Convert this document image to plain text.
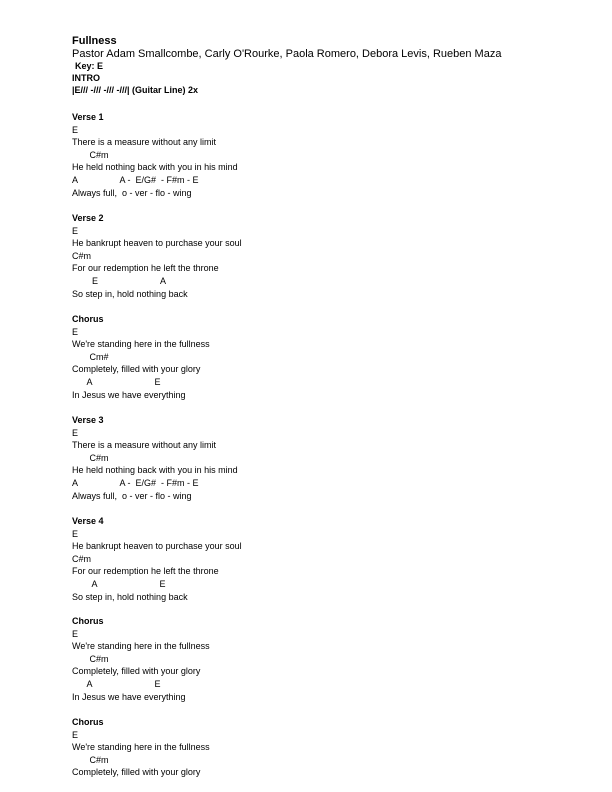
Fullness
Pastor Adam Smallcombe, Carly O'Rourke, Paola Romero, Debora Levis, Rueben Maza
Key: E
INTRO
|E/// -/// -/// -///| (Guitar Line) 2x
Verse 1
E
There is a measure without any limit
C#m
He held nothing back with you in his mind
A                 A -  E/G#  - F#m - E
Always full,  o - ver - flo - wing
Verse 2
E
He bankrupt heaven to purchase your soul
C#m
For our redemption he left the throne
E                         A
So step in, hold nothing back
Chorus
E
We're standing here in the fullness
Cm#
Completely, filled with your glory
A                         E
In Jesus we have everything
Verse 3
E
There is a measure without any limit
C#m
He held nothing back with you in his mind
A                 A -  E/G#  - F#m - E
Always full,  o - ver - flo - wing
Verse 4
E
He bankrupt heaven to purchase your soul
C#m
For our redemption he left the throne
A                         E
So step in, hold nothing back
Chorus
E
We're standing here in the fullness
C#m
Completely, filled with your glory
A                         E
In Jesus we have everything
Chorus
E
We're standing here in the fullness
C#m
Completely, filled with your glory
